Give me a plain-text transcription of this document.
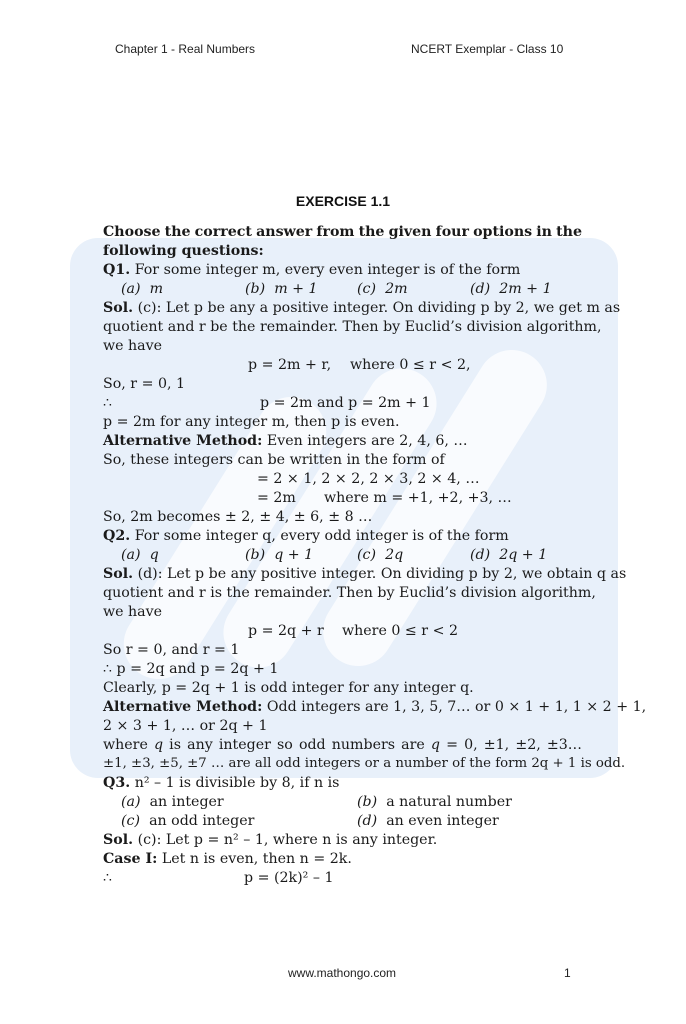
Chapter 1 - Real Numbers	NCERT Exemplar - Class 10
EXERCISE 1.1
Choose the correct answer from the given four options in the
following questions:
Q1. For some integer m, every even integer is of the form
(a) m	(b) m + 1	(c) 2m	(d) 2m + 1
Sol. (c): Let p be any a positive integer. On dividing p by 2, we get m as
quotient and r be the remainder. Then by Euclid’s division algorithm,
we have
p = 2m + r, where 0 ≤ r < 2,
So, r = 0, 1
∴	p = 2m and p = 2m + 1
p = 2m for any integer m, then p is even.
Alternative Method: Even integers are 2, 4, 6, …
So, these integers can be written in the form of
= 2 × 1, 2 × 2, 2 × 3, 2 × 4, …
= 2m where m = +1, +2, +3, …
So, 2m becomes ± 2, ± 4, ± 6, ± 8 …
Q2. For some integer q, every odd integer is of the form
(a) q	(b) q + 1	(c) 2q	(d) 2q + 1
Sol. (d): Let p be any positive integer. On dividing p by 2, we obtain q as
quotient and r is the remainder. Then by Euclid’s division algorithm,
we have
p = 2q + r where 0 ≤ r < 2
So r = 0, and r = 1
∴ p = 2q and p = 2q + 1
Clearly, p = 2q + 1 is odd integer for any integer q.
Alternative Method: Odd integers are 1, 3, 5, 7… or 0 × 1 + 1, 1 × 2 + 1,
2 × 3 + 1, … or 2q + 1
where q is any integer so odd numbers are q = 0, ±1, ±2, ±3…
±1, ±3, ±5, ±7 … are all odd integers or a number of the form 2q + 1 is odd.
Q3. n² – 1 is divisible by 8, if n is
(a) an integer	(b) a natural number
(c) an odd integer	(d) an even integer
Sol. (c): Let p = n² – 1, where n is any integer.
Case I: Let n is even, then n = 2k.
∴	p = (2k)² – 1
www.mathongo.com	1
